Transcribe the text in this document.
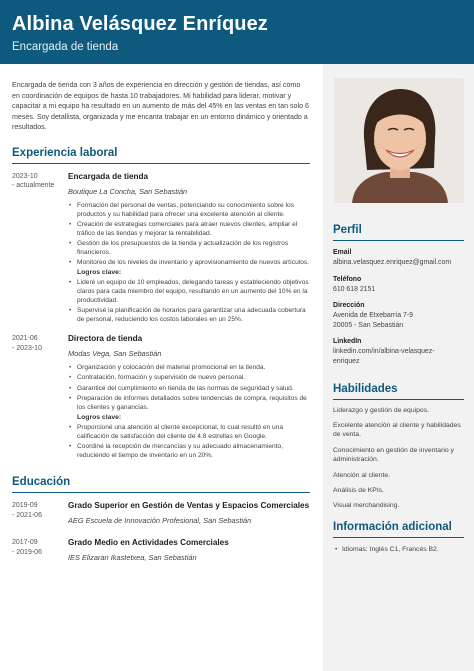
Albina Velásquez Enríquez
Encargada de tienda

Encargada de tienda con 3 años de experiencia en dirección y gestión de tiendas, así como en coordinación de equipos de hasta 10 trabajadores. Mi habilidad para liderar, motivar y capacitar a mi equipo ha resultado en un aumento de más del 45% en las ventas en tan solo 6 meses. Soy detallista, organizada y me encanta trabajar en un entorno dinámico y orientado a resultados.

Experiencia laboral
2023-10
- actualmente
Encargada de tienda
Boutique La Concha, San Sebastián
• Formación del personal de ventas, potenciando su conocimiento sobre los productos y su habilidad para ofrecer una excelente atención al cliente.
• Creación de estrategias comerciales para atraer nuevos clientes, ampliar el tráfico de las tiendas y mejorar la rentabilidad.
• Gestión de los presupuestos de la tienda y actualización de los registros financieros.
• Monitoreo de los niveles de inventario y aprovisionamiento de nuevos artículos.
Logros clave:
• Lideré un equipo de 10 empleados, delegando tareas y estableciendo objetivos claros para cada miembro del equipo, resultando en un aumento del 10% en la productividad.
• Supervisé la planificación de horarios para garantizar una adecuada cobertura de personal, reduciendo los costos laborales en un 25%.
2021-06
- 2023-10
Directora de tienda
Modas Vega, San Sebastián
• Organización y colocación del material promocional en la tienda.
• Contratación, formación y supervisión de nuevo personal.
• Garanticé del cumplimiento en tienda de las normas de seguridad y salud.
• Preparación de informes detallados sobre tendencias de compra, requisitos de los clientes y ganancias.
Logros clave:
• Proporcioné una atención al cliente excepcional, lo cual resultó en una calificación de satisfacción del cliente de 4.8 estrellas en Google.
• Coordiné la recepción de mercancías y su adecuado almacenamiento, reduciendo el tiempo de inventario en un 20%.
Educación
2019-09
- 2021-06
Grado Superior en Gestión de Ventas y Espacios Comerciales
AEG Escuela de Innovación Profesional, San Sebastián
2017-09
- 2019-06
Grado Medio en Actividades Comerciales
IES Elizaran Ikastetxea, San Sebastián
Perfil
Email
albina.velasquez.enriquez@gmail.com
Teléfono
610 618 2151
Dirección
Avenida de Etxebarría 7-9
20005 - San Sebastián
LinkedIn
linkedin.com/in/albina-velasquez-
enriquez
Habilidades
Liderazgo y gestión de equipos.
Excelente atención al cliente y habilidades de venta.
Conocimiento en gestión de inventario y administración.
Atención al cliente.
Análisis de KPIs.
Visual merchandising.
Información adicional
• Idiomas: Inglés C1, Francés B2.
